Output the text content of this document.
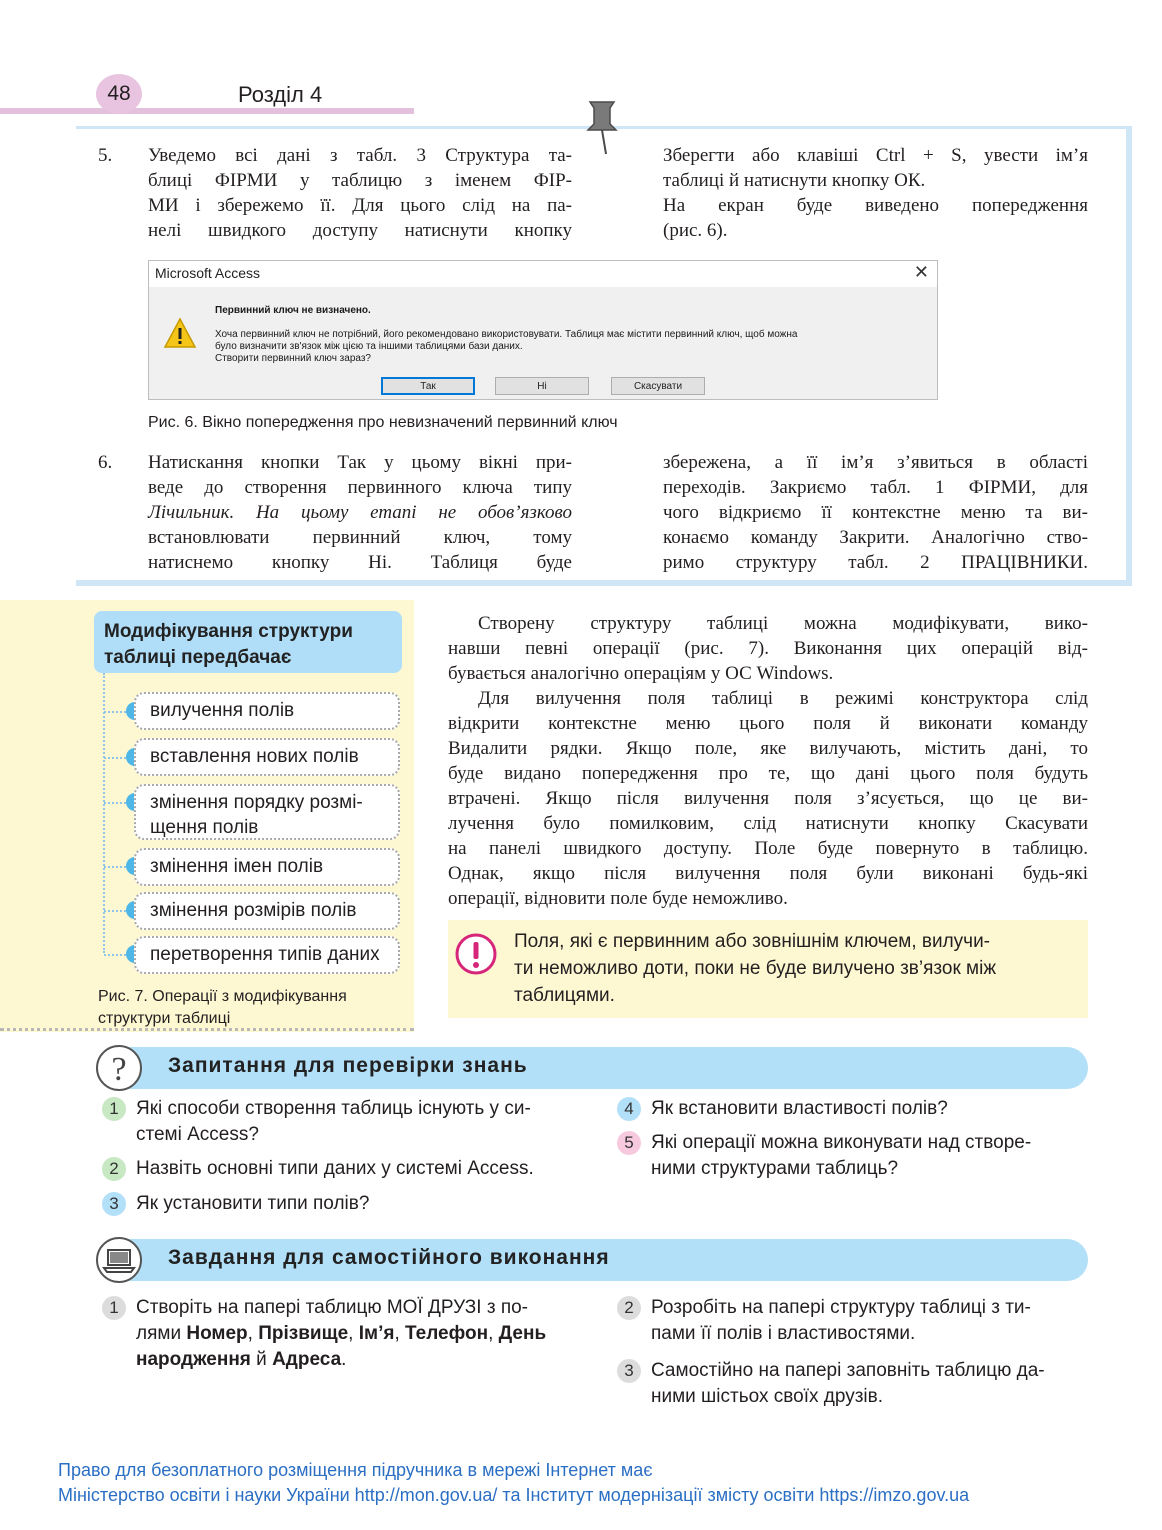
48	Розділ 4
5. Уведемо всі дані з табл. 3 Структура та-
блиці ФІРМИ у таблицю з іменем ФІР-
МИ і збережемо її. Для цього слід на па-
нелі швидкого доступу натиснути кнопку
Зберегти або клавіші Ctrl + S, увести ім’я
таблиці й натиснути кнопку ОК.
На екран буде виведено попередження
(рис. 6).
Microsoft Access	✕
Первинний ключ не визначено.
Хоча первинний ключ не потрібний, його рекомендовано використовувати. Таблиця має містити первинний ключ, щоб можна
було визначити зв'язок між цією та іншими таблицями бази даних.
Створити первинний ключ зараз?
Так	Ні	Скасувати
Рис. 6. Вікно попередження про невизначений первинний ключ
6. Натискання кнопки Так у цьому вікні при-
веде до створення первинного ключа типу
Лічильник. На цьому етапі не обов’язково
встановлювати первинний ключ, тому
натиснемо кнопку Ні. Таблиця буде
збережена, а її ім’я з’явиться в області
переходів. Закриємо табл. 1 ФІРМИ, для
чого відкриємо її контекстне меню та ви-
конаємо команду Закрити. Аналогічно ство-
римо структуру табл. 2 ПРАЦІВНИКИ.
Модифікування структури
таблиці передбачає
вилучення полів
вставлення нових полів
змінення порядку розмі-
щення полів
змінення імен полів
змінення розмірів полів
перетворення типів даних
Рис. 7. Операції з модифікування
структури таблиці
Створену структуру таблиці можна модифікувати, вико-
навши певні операції (рис. 7). Виконання цих операцій від-
бувається аналогічно операціям у ОС Windows.
Для вилучення поля таблиці в режимі конструктора слід
відкрити контекстне меню цього поля й виконати команду
Видалити рядки. Якщо поле, яке вилучають, містить дані, то
буде видано попередження про те, що дані цього поля будуть
втрачені. Якщо після вилучення поля з’ясується, що це ви-
лучення було помилковим, слід натиснути кнопку Скасувати
на панелі швидкого доступу. Поле буде повернуто в таблицю.
Однак, якщо після вилучення поля були виконані будь-які
операції, відновити поле буде неможливо.
Поля, які є первинним або зовнішнім ключем, вилучи-
ти неможливо доти, поки не буде вилучено зв’язок між
таблицями.
? Запитання для перевірки знань
1 Які способи створення таблиць існують у си-
стемі Access?
2 Назвіть основні типи даних у системі Access.
3 Як установити типи полів?
4 Як встановити властивості полів?
5 Які операції можна виконувати над створе-
ними структурами таблиць?
Завдання для самостійного виконання
1 Створіть на папері таблицю МОЇ ДРУЗІ з по-
лями Номер, Прізвище, Ім’я, Телефон, День
народження й Адреса.
2 Розробіть на папері структуру таблиці з ти-
пами її полів і властивостями.
3 Самостійно на папері заповніть таблицю да-
ними шістьох своїх друзів.
Право для безоплатного розміщення підручника в мережі Інтернет має
Міністерство освіти і науки України http://mon.gov.ua/ та Інститут модернізації змісту освіти https://imzo.gov.ua
